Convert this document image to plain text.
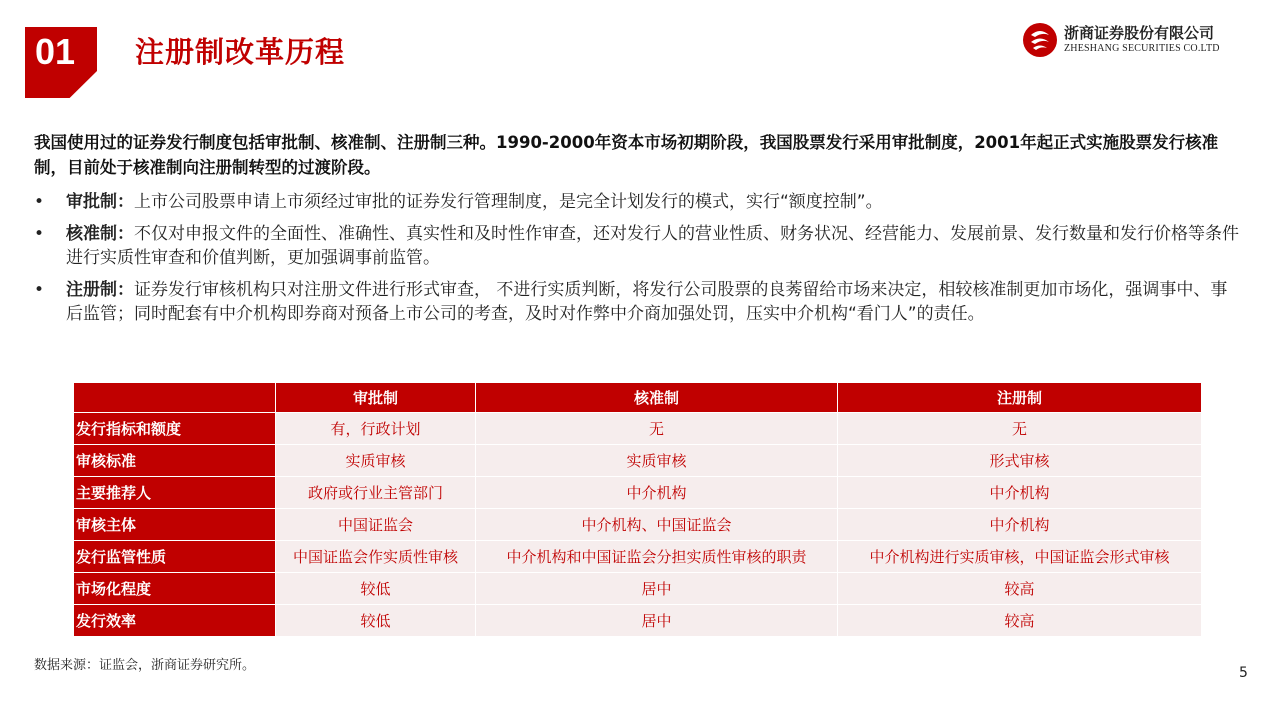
01	注册制改革历程
浙商证券股份有限公司
ZHESHANG SECURITIES CO.LTD
我国使用过的证券发行制度包括审批制、核准制、注册制三种。1990-2000年资本市场初期阶段，我国股票发行采用审批制度，2001年起正式实施股票发行核准制，目前处于核准制向注册制转型的过渡阶段。
• 审批制：上市公司股票申请上市须经过审批的证券发行管理制度，是完全计划发行的模式，实行“额度控制”。
• 核准制：不仅对申报文件的全面性、准确性、真实性和及时性作审查，还对发行人的营业性质、财务状况、经营能力、发展前景、发行数量和发行价格等条件进行实质性审查和价值判断，更加强调事前监管。
• 注册制：证券发行审核机构只对注册文件进行形式审查， 不进行实质判断，将发行公司股票的良莠留给市场来决定，相较核准制更加市场化，强调事中、事后监管；同时配套有中介机构即券商对预备上市公司的考查，及时对作弊中介商加强处罚，压实中介机构“看门人”的责任。
	审批制	核准制	注册制
发行指标和额度	有，行政计划	无	无
审核标准	实质审核	实质审核	形式审核
主要推荐人	政府或行业主管部门	中介机构	中介机构
审核主体	中国证监会	中介机构、中国证监会	中介机构
发行监管性质	中国证监会作实质性审核	中介机构和中国证监会分担实质性审核的职责	中介机构进行实质审核，中国证监会形式审核
市场化程度	较低	居中	较高
发行效率	较低	居中	较高
数据来源：证监会，浙商证券研究所。	5
